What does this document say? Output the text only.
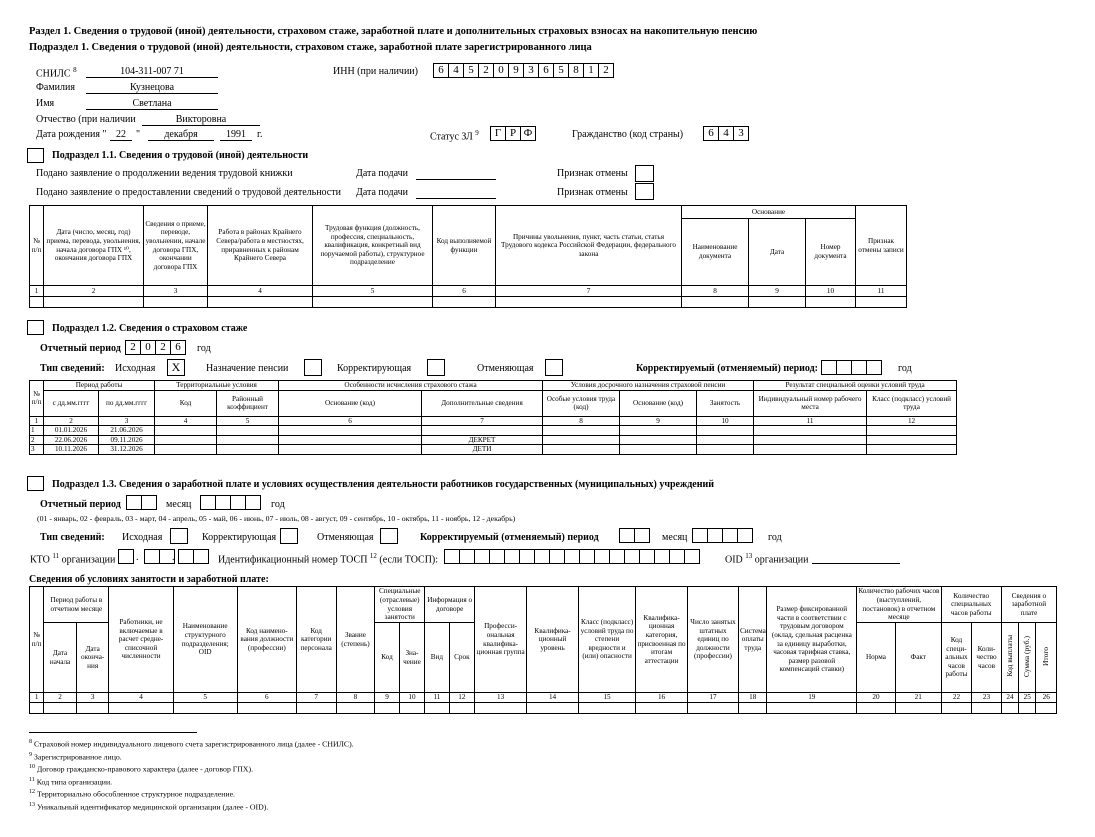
Раздел 1. Сведения о трудовой (иной) деятельности, страховом стаже, заработной плате и дополнительных страховых взносах на накопительную пенсию
Подраздел 1. Сведения о трудовой (иной) деятельности, страховом стаже, заработной плате зарегистрированного лица
СНИЛС $^8$	104-311-007 71	ИНН (при наличии)	6 4 5 2 0 9 3 6 5 8 1 2
Фамилия	Кузнецова
Имя	Светлана
Отчество (при наличии	Викторовна
Дата рождения " 22	"	декабря	1991	г.	Статус ЗЛ $^9$	Г Р Ф	Гражданство (код страны)	6 4 3
Подраздел 1.1. Сведения о трудовой (иной) деятельности
Подано заявление о продолжении ведения трудовой книжки	Дата подачи	Признак отмены
Подано заявление о предоставлении сведений о трудовой деятельности Дата подачи	Признак отмены
№ п/п	Дата (число, месяц, год) приема, перевода, увольнения, начала договора ГПХ ¹⁰, окончания договора ГПХ	Сведения о приеме, переводе, увольнении, начале договора ГПХ, окончании договора ГПХ	Работа в районах Крайнего Севера/работа в местностях, приравненных к районам Крайнего Севера	Трудовая функция (должность, профессия, специальность, квалификация, конкретный вид поручаемой работы), структурное подразделение	Код выполняемой функции	Причины увольнения, пункт, часть статьи, статья Трудового кодекса Российской Федерации, федерального закона	Основание			Признак отмены записи
							Наименование документа	Дата	Номер документа	
1	2	3	4	5	6	7	8	9	10	11

Подраздел 1.2. Сведения о страховом стаже
Отчетный период 2 0 2 6	год
Тип сведений: Исходная	X	Назначение пенсии	Корректирующая	Отменяющая	Корректируемый (отменяемый) период:	год
№ п/п	Период работы		Территориальные условия		Особенности исчисления страхового стажа		Условия досрочного назначения страховой пенсии			Результат специальной оценки условий труда	
	с дд.мм.гггг	по дд.мм.гггг	Код	Районный коэффициент	Основание (код)	Дополнительные сведения	Особые условия труда (код)	Основание (код)	Занятость	Индивидуальный номер рабочего места	Класс (подкласс) условий труда
1	2	3	4	5	6	7	8	9	10	11	12
1	01.01.2026	21.06.2026									
2	22.06.2026	09.11.2026				ДЕКРЕТ					
3	10.11.2026	31.12.2026				ДЕТИ					
Подраздел 1.3. Сведения о заработной плате и условиях осуществления деятельности работников государственных (муниципальных) учреждений
Отчетный период	месяц	год
(01 - январь, 02 - февраль, 03 - март, 04 - апрель, 05 - май, 06 - июнь, 07 - июль, 08 - август, 09 - сентябрь, 10 - октябрь, 11 - ноябрь, 12 - декабрь)
Тип сведений: Исходная	Корректирующая	Отменяющая	Корректируемый (отменяемый) период	месяц	год
КТО $^{11}$ организации .	.	Идентификационный номер ТОСП $^{12}$ (если ТОСП):	OID $^{13}$ организации
Сведения об условиях занятости и заработной плате:
№ п/п	Период работы в отчетном месяце		Работники, не включаемые в расчет средне-списочной численности	Наименование структурного подразделения; OID	Код наимено-вания должности (профессии)	Код категории персонала	Звание (степень)	Специальные (отраслевые) условия занятости		Информация о договоре		Професси-ональная квалифика-ционная группа	Квалифика-ционный уровень	Класс (подкласс) условий труда по степени вредности и (или) опасности	Квалифика-ционная категория, присвоенная по итогам аттестации	Число занятых штатных единиц по должности (профессии)	Система оплаты труда	Размер фиксированной части в соответствии с трудовым договором (оклад, сдельная расценка за единицу выработки, часовая тарифная ставка, размер разовой компенсаций ставки)	Количество рабочих часов (выступлений, постановок) в отчетном месяце		Количество специальных часов работы		Сведения о заработной плате		
	Дата начала	Дата оконча-ния						Код	Зна-чение	Вид	Срок								Норма	Факт	Код специ-альных часов работы	Коли-чество часов	Код выплаты	Сумма (руб.)	Итого
1	2	3	4	5	6	7	8	9	10	11	12	13	14	15	16	17	18	19	20	21	22	23	24	25	26

$^8$ Страховой номер индивидуального лицевого счета зарегистрированного лица (далее - СНИЛС).
$^9$ Зарегистрированное лицо.
$^{10}$ Договор гражданско-правового характера (далее - договор ГПХ).
$^{11}$ Код типа организации.
$^{12}$ Территориально обособленное структурное подразделение.
$^{13}$ Уникальный идентификатор медицинской организации (далее - OID).
